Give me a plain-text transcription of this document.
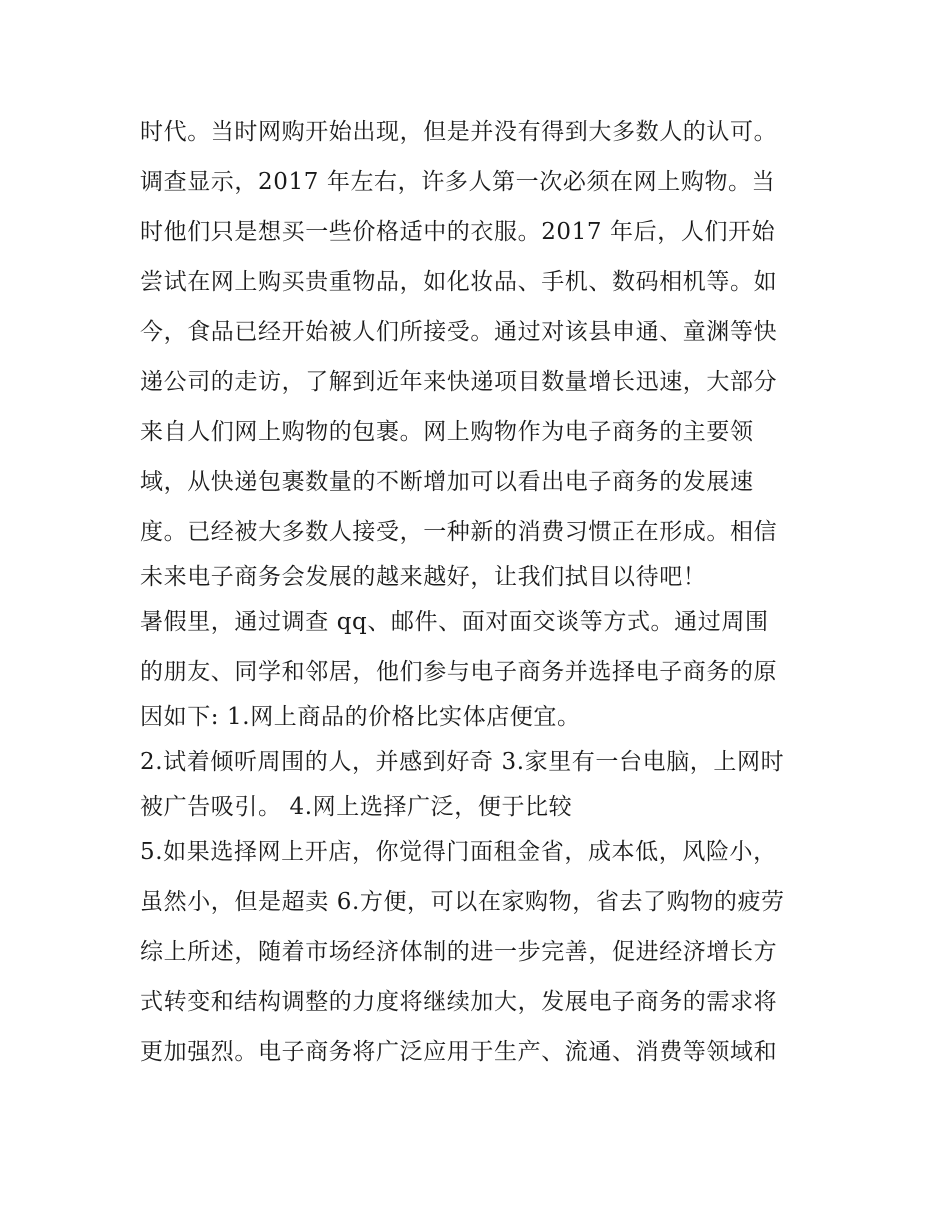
时代。当时网购开始出现，但是并没有得到大多数人的认可。
调查显示，2017 年左右，许多人第一次必须在网上购物。当
时他们只是想买一些价格适中的衣服。2017 年后，人们开始
尝试在网上购买贵重物品，如化妆品、手机、数码相机等。如
今，食品已经开始被人们所接受。通过对该县申通、童渊等快
递公司的走访，了解到近年来快递项目数量增长迅速，大部分
来自人们网上购物的包裹。网上购物作为电子商务的主要领
域，从快递包裹数量的不断增加可以看出电子商务的发展速
度。已经被大多数人接受，一种新的消费习惯正在形成。相信
未来电子商务会发展的越来越好，让我们拭目以待吧！
暑假里，通过调查 qq、邮件、面对面交谈等方式。通过周围
的朋友、同学和邻居，他们参与电子商务并选择电子商务的原
因如下: 1.网上商品的价格比实体店便宜。
2.试着倾听周围的人，并感到好奇 3.家里有一台电脑，上网时
被广告吸引。 4.网上选择广泛，便于比较
5.如果选择网上开店，你觉得门面租金省，成本低，风险小，
虽然小，但是超卖 6.方便，可以在家购物，省去了购物的疲劳
综上所述，随着市场经济体制的进一步完善，促进经济增长方
式转变和结构调整的力度将继续加大，发展电子商务的需求将
更加强烈。电子商务将广泛应用于生产、流通、消费等领域和
